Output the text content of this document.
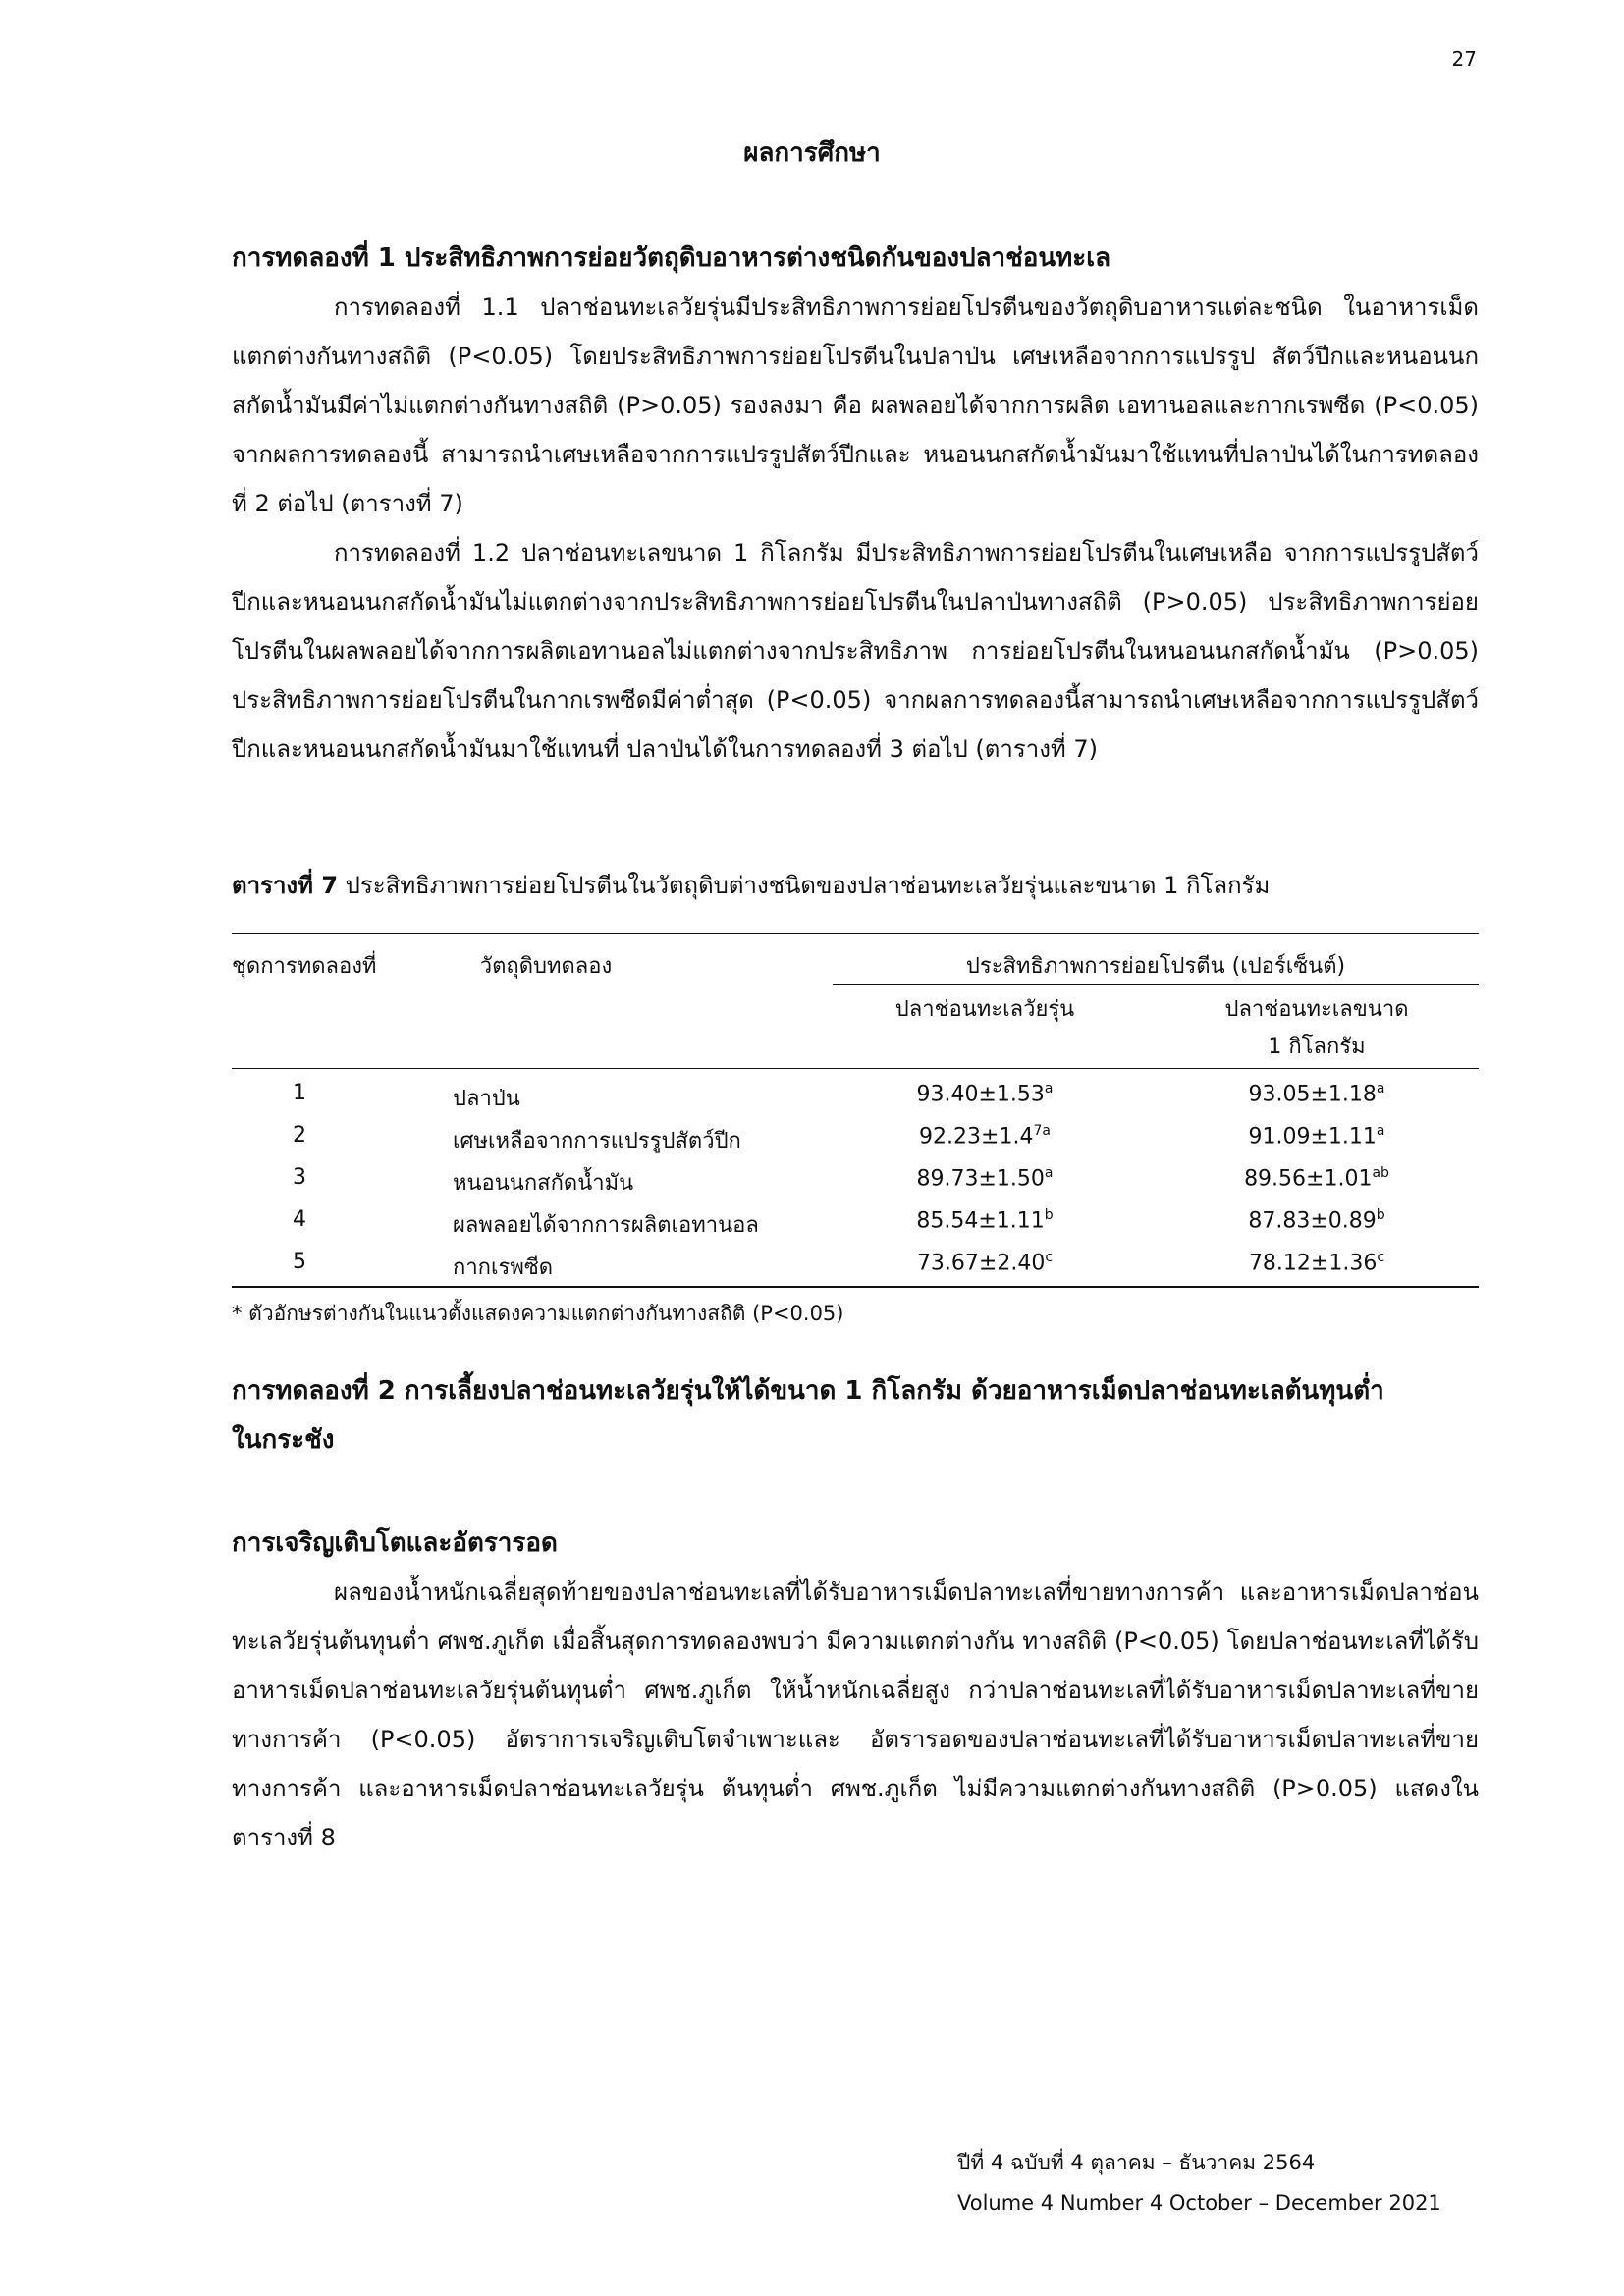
27
ผลการศึกษา
การทดลองที่ 1 ประสิทธิภาพการย่อยวัตถุดิบอาหารต่างชนิดกันของปลาช่อนทะเล
การทดลองที่ 1.1 ปลาช่อนทะเลวัยรุ่นมีประสิทธิภาพการย่อยโปรตีนของวัตถุดิบอาหารแต่ละชนิด ในอาหารเม็ดแตกต่างกันทางสถิติ (P<0.05) โดยประสิทธิภาพการย่อยโปรตีนในปลาป่น เศษเหลือจากการแปรรูป สัตว์ปีกและหนอนนกสกัดน้ำมันมีค่าไม่แตกต่างกันทางสถิติ (P>0.05) รองลงมา คือ ผลพลอยได้จากการผลิต เอทานอลและกากเรพซีด (P<0.05) จากผลการทดลองนี้ สามารถนำเศษเหลือจากการแปรรูปสัตว์ปีกและ หนอนนกสกัดน้ำมันมาใช้แทนที่ปลาป่นได้ในการทดลองที่ 2 ต่อไป (ตารางที่ 7)
การทดลองที่ 1.2 ปลาช่อนทะเลขนาด 1 กิโลกรัม มีประสิทธิภาพการย่อยโปรตีนในเศษเหลือ จากการแปรรูปสัตว์ปีกและหนอนนกสกัดน้ำมันไม่แตกต่างจากประสิทธิภาพการย่อยโปรตีนในปลาป่นทางสถิติ (P>0.05) ประสิทธิภาพการย่อยโปรตีนในผลพลอยได้จากการผลิตเอทานอลไม่แตกต่างจากประสิทธิภาพ การย่อยโปรตีนในหนอนนกสกัดน้ำมัน (P>0.05) ประสิทธิภาพการย่อยโปรตีนในกากเรพซีดมีค่าต่ำสุด (P<0.05) จากผลการทดลองนี้สามารถนำเศษเหลือจากการแปรรูปสัตว์ปีกและหนอนนกสกัดน้ำมันมาใช้แทนที่ ปลาป่นได้ในการทดลองที่ 3 ต่อไป (ตารางที่ 7)
ตารางที่ 7 ประสิทธิภาพการย่อยโปรตีนในวัตถุดิบต่างชนิดของปลาช่อนทะเลวัยรุ่นและขนาด 1 กิโลกรัม
ชุดการทดลองที่	วัตถุดิบทดลอง	ประสิทธิภาพการย่อยโปรตีน (เปอร์เซ็นต์)
ปลาช่อนทะเลวัยรุ่น	ปลาช่อนทะเลขนาด
1 กิโลกรัม
1	ปลาป่น	93.40±1.53$^a$	93.05±1.18$^a$
2	เศษเหลือจากการแปรรูปสัตว์ปีก	$92.23\pm 1.4^{7a}$	91.09±1.11$^a$
3	หนอนนกสกัดน้ำมัน	89.73±1.50$^a$	89.56±1.01$^{ab}$
4	ผลพลอยได้จากการผลิตเอทานอล	85.54±1.11$^b$	87.83±0.89$^b$
5	กากเรพซีด	73.67±2.40$^c$	78.12±1.36$^c$
* ตัวอักษรต่างกันในแนวตั้งแสดงความแตกต่างกันทางสถิติ (P<0.05)
การทดลองที่ 2 การเลี้ยงปลาช่อนทะเลวัยรุ่นให้ได้ขนาด 1 กิโลกรัม ด้วยอาหารเม็ดปลาช่อนทะเลต้นทุนต่ำ
ในกระชัง
การเจริญเติบโตและอัตรารอด
ผลของน้ำหนักเฉลี่ยสุดท้ายของปลาช่อนทะเลที่ได้รับอาหารเม็ดปลาทะเลที่ขายทางการค้า และอาหารเม็ดปลาช่อนทะเลวัยรุ่นต้นทุนต่ำ ศพช.ภูเก็ต เมื่อสิ้นสุดการทดลองพบว่า มีความแตกต่างกัน ทางสถิติ (P<0.05) โดยปลาช่อนทะเลที่ได้รับอาหารเม็ดปลาช่อนทะเลวัยรุ่นต้นทุนต่ำ ศพช.ภูเก็ต ให้น้ำหนักเฉลี่ยสูง กว่าปลาช่อนทะเลที่ได้รับอาหารเม็ดปลาทะเลที่ขายทางการค้า (P<0.05) อัตราการเจริญเติบโตจำเพาะและ อัตรารอดของปลาช่อนทะเลที่ได้รับอาหารเม็ดปลาทะเลที่ขายทางการค้า และอาหารเม็ดปลาช่อนทะเลวัยรุ่น ต้นทุนต่ำ ศพช.ภูเก็ต ไม่มีความแตกต่างกันทางสถิติ (P>0.05) แสดงในตารางที่ 8
ปีที่ 4 ฉบับที่ 4 ตุลาคม – ธันวาคม 2564
Volume 4 Number 4 October – December 2021
